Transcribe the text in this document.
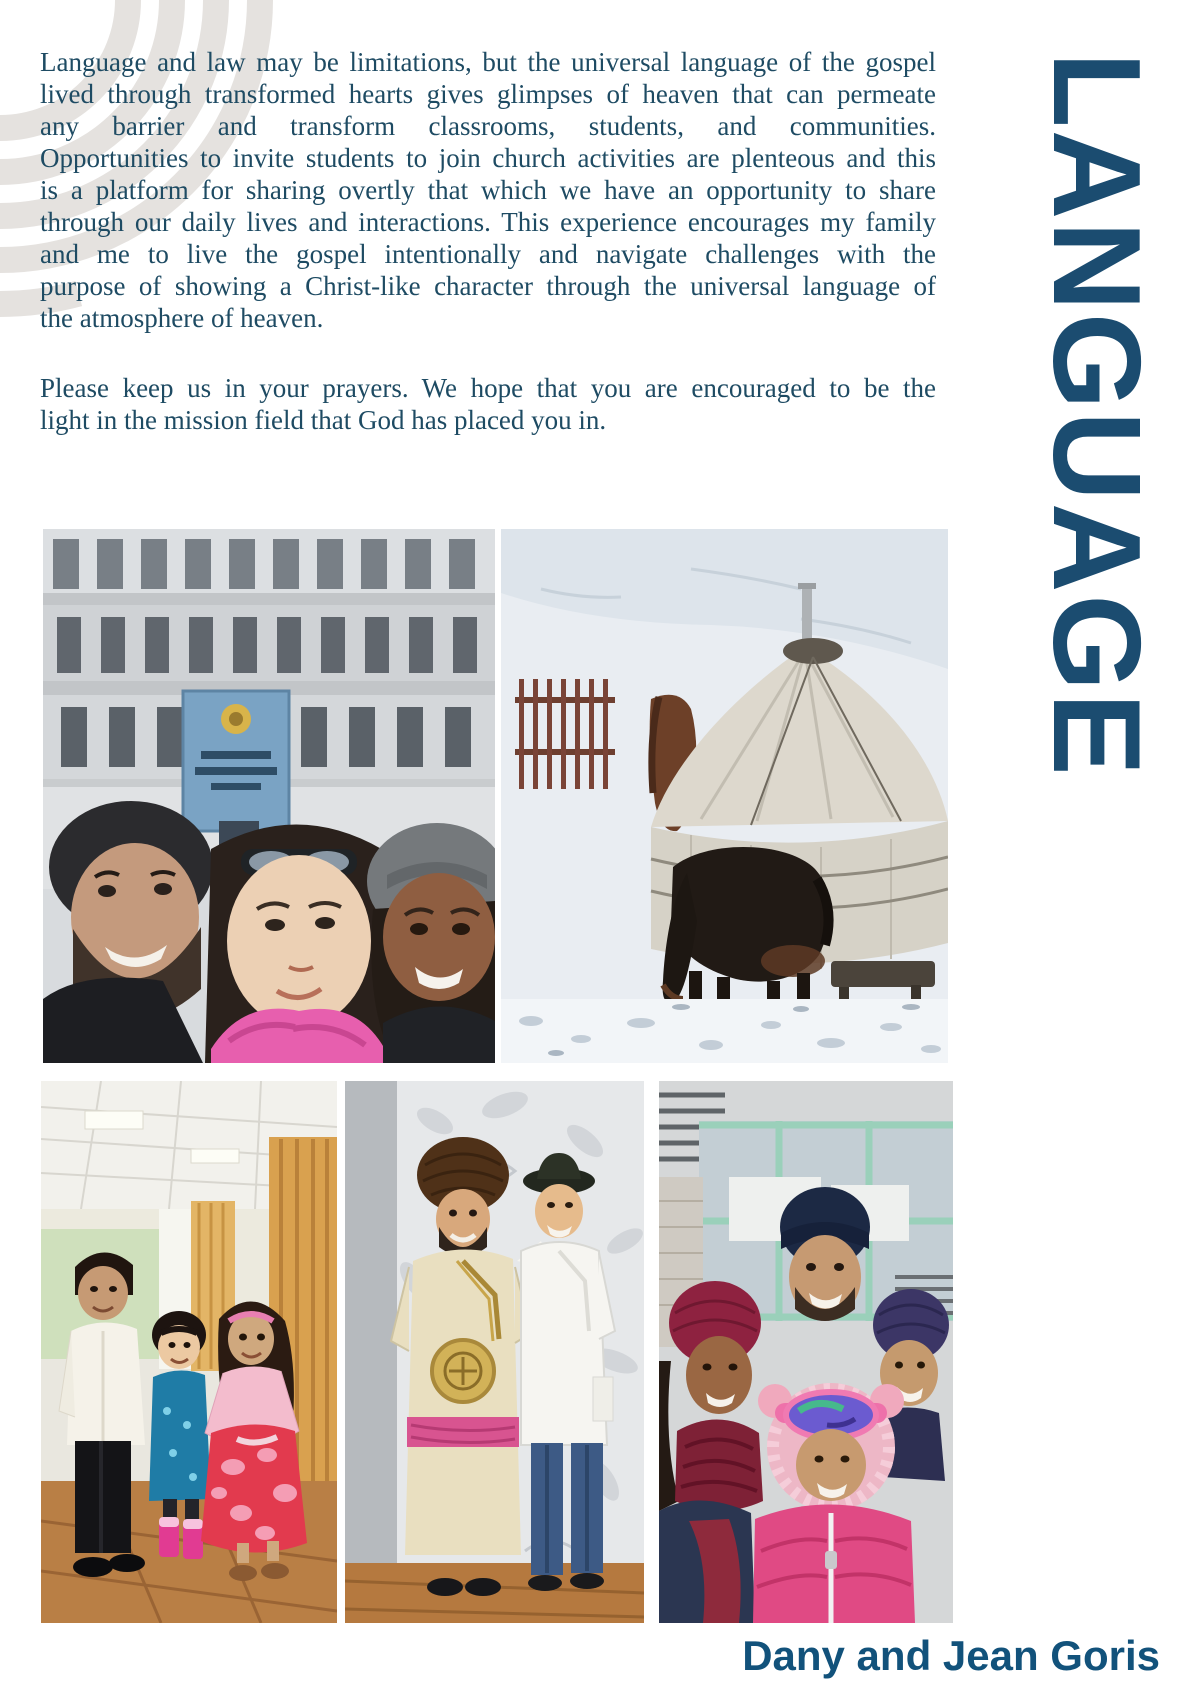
Language and law may be limitations, but the universal language of the gospel
lived through transformed hearts gives glimpses of heaven that can permeate
any barrier and transform classrooms, students, and communities.
Opportunities to invite students to join church activities are plenteous and this
is a platform for sharing overtly that which we have an opportunity to share
through our daily lives and interactions. This experience encourages my family
and me to live the gospel intentionally and navigate challenges with the
purpose of showing a Christ-like character through the universal language of
the atmosphere of heaven.
Please keep us in your prayers. We hope that you are encouraged to be the
light in the mission field that God has placed you in.	LANGUAGE
Dany and Jean Goris
